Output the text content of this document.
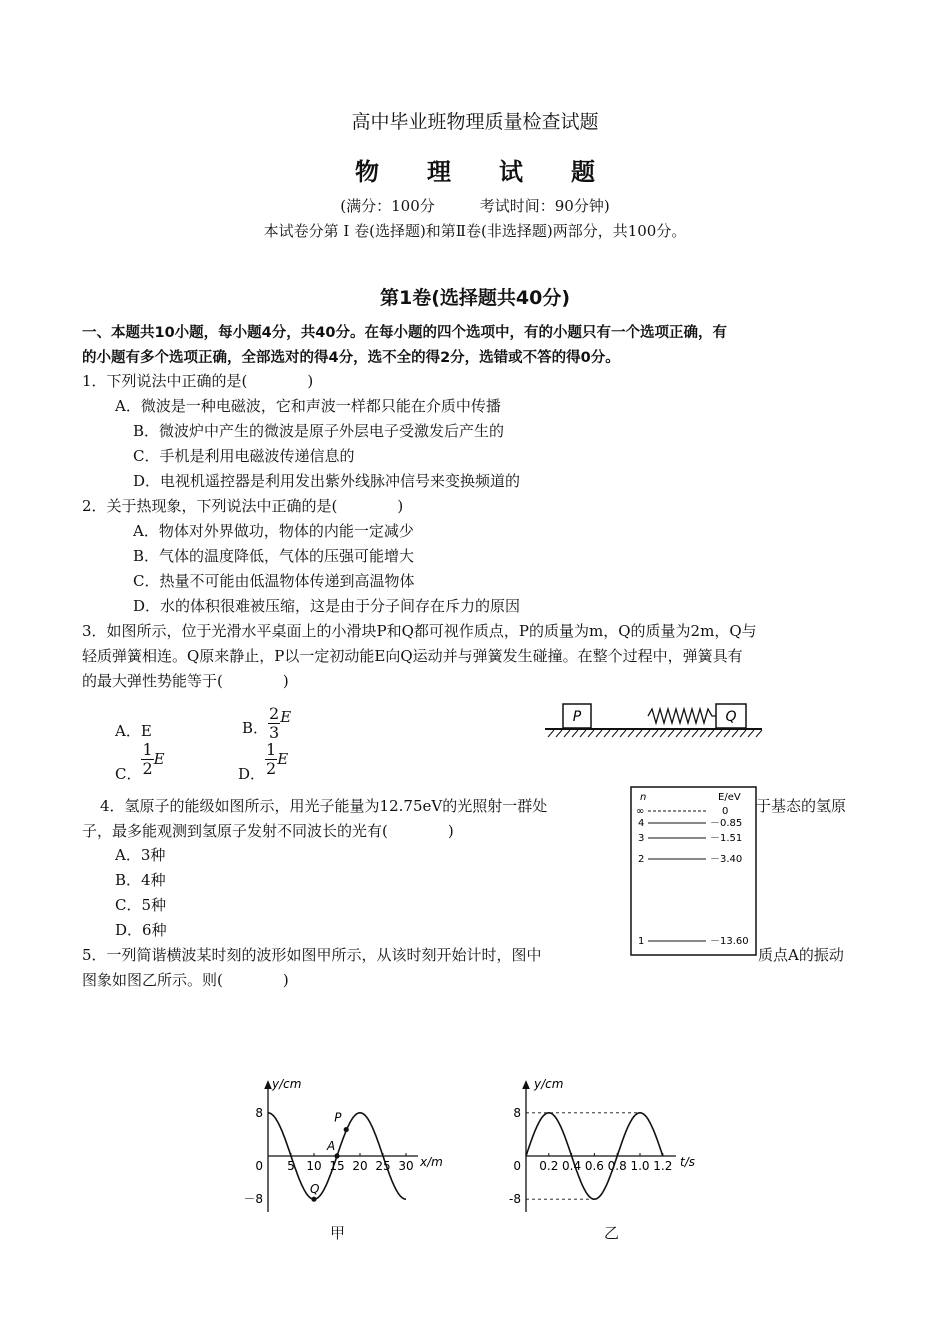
高中毕业班物理质量检查试题
物　　理　　试　　题
(满分：100分　　　考试时间：90分钟)
本试卷分第 Ⅰ 卷(选择题)和第Ⅱ卷(非选择题)两部分，共100分。
第1卷(选择题共40分)
一、本题共10小题，每小题4分，共40分。在每小题的四个选项中，有的小题只有一个选项正确，有
的小题有多个选项正确，全部选对的得4分，选不全的得2分，选错或不答的得0分。
1．下列说法中正确的是(　　　　)
A．微波是一种电磁波，它和声波一样都只能在介质中传播
B．微波炉中产生的微波是原子外层电子受激发后产生的
C．手机是利用电磁波传递信息的
D．电视机遥控器是利用发出紫外线脉冲信号来变换频道的
2．关于热现象，下列说法中正确的是(　　　　)
A．物体对外界做功，物体的内能一定减少
B．气体的温度降低，气体的压强可能增大
C．热量不可能由低温物体传递到高温物体
D．水的体积很难被压缩，这是由于分子间存在斥力的原因
3．如图所示，位于光滑水平桌面上的小滑块P和Q都可视作质点，P的质量为m，Q的质量为2m，Q与
轻质弹簧相连。Q原来静止，P以一定初动能E向Q运动并与弹簧发生碰撞。在整个过程中，弹簧具有
的最大弹性势能等于(　　　　)
A．E	B． $\frac{2}{3}$ E
C． $\frac{1}{2}$ E
D． $\frac{1}{2}$ E
P	Q
4．氢原子的能级如图所示，用光子能量为12.75eV的光照射一群处	于基态的氢原
子，最多能观测到氢原子发射不同波长的光有(　　　　)
A．3种
B．4种
C．5种
D．6种
n	E/eV
∞	0
4	－0.85
3	－1.51
2	－3.40
1	－13.60
5．一列简谐横波某时刻的波形如图甲所示，从该时刻开始计时，图中	质点A的振动
图象如图乙所示。则(　　　　)
y/cm
x/m
5 10 15 20 25 30
8
0
－8
P
A
Q
甲
y/cm
t/s
0.2 0.4 0.6 0.8 1.0 1.2
8
0
-8
乙
